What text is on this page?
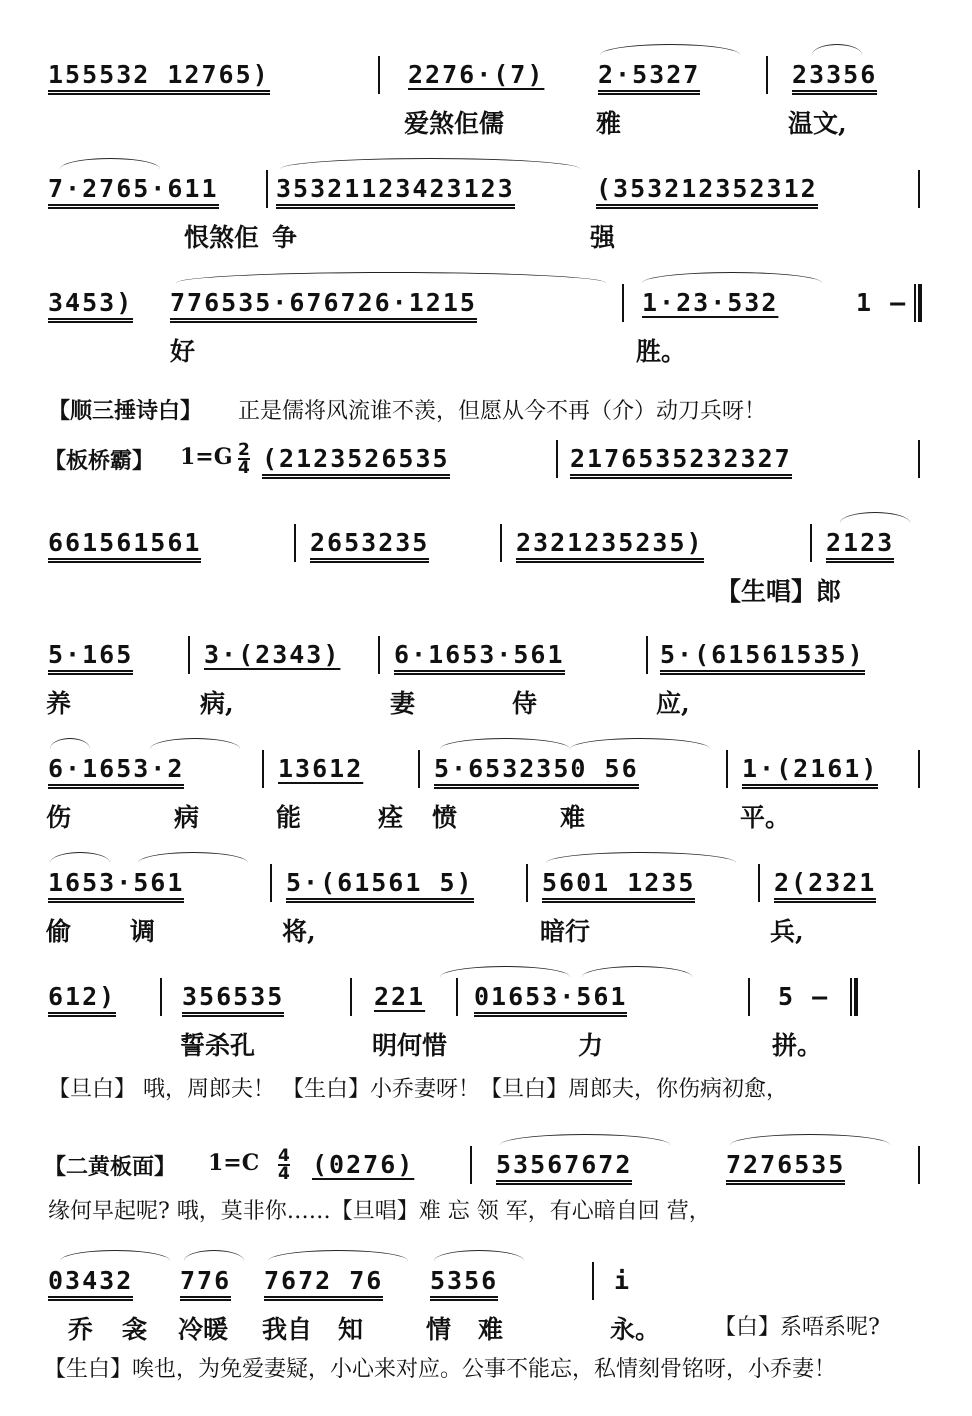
155532 12765)	2276·(7) 2·5327	23356
爱煞佢儒	雅	温文,
7·2765·611 35321123423123	(353212352312
恨煞佢 争	强
3453) 776535·676726·1215	1·23·532	1 –
好	胜。
【顺三捶诗白】 正是儒将风流谁不羡，但愿从今不再（介）动刀兵呀！
【板桥霸】 $1=G \frac{2}{4} (2123526535$	2176535232327
661561561	2653235	2321235235)	2123
【生唱】郎
5·165	3·(2343) 6·1653·561	5·(61561535)
养	病,	妻	侍	应,
6·1653·2	13612	5·6532350 56	1·(2161)
伤	病	能	痊 愤	难	平。
1653·561	5·(61561 5)	5601 1235	2(2321
偷 调	将,	暗行	兵,
612)	356535	221 01653·561	5 –
誓杀孔	明何惜	力	拼。
【旦白】 哦，周郎夫！ 【生白】小乔妻呀！【旦白】周郎夫，你伤病初愈，
【二黄板面】 $1=C \frac{4}{4} (0276)$	53567672	7276535
缘何早起呢? 哦，莫非你……【旦唱】难 忘 领 军，有心暗自回 营，
03432 776 7672 76 5356	i
乔 衾 冷暖 我自 知	情 难	永。 【白】系唔系呢?
【生白】唉也，为免爱妻疑，小心来对应。公事不能忘，私情刻骨铭呀，小乔妻！
